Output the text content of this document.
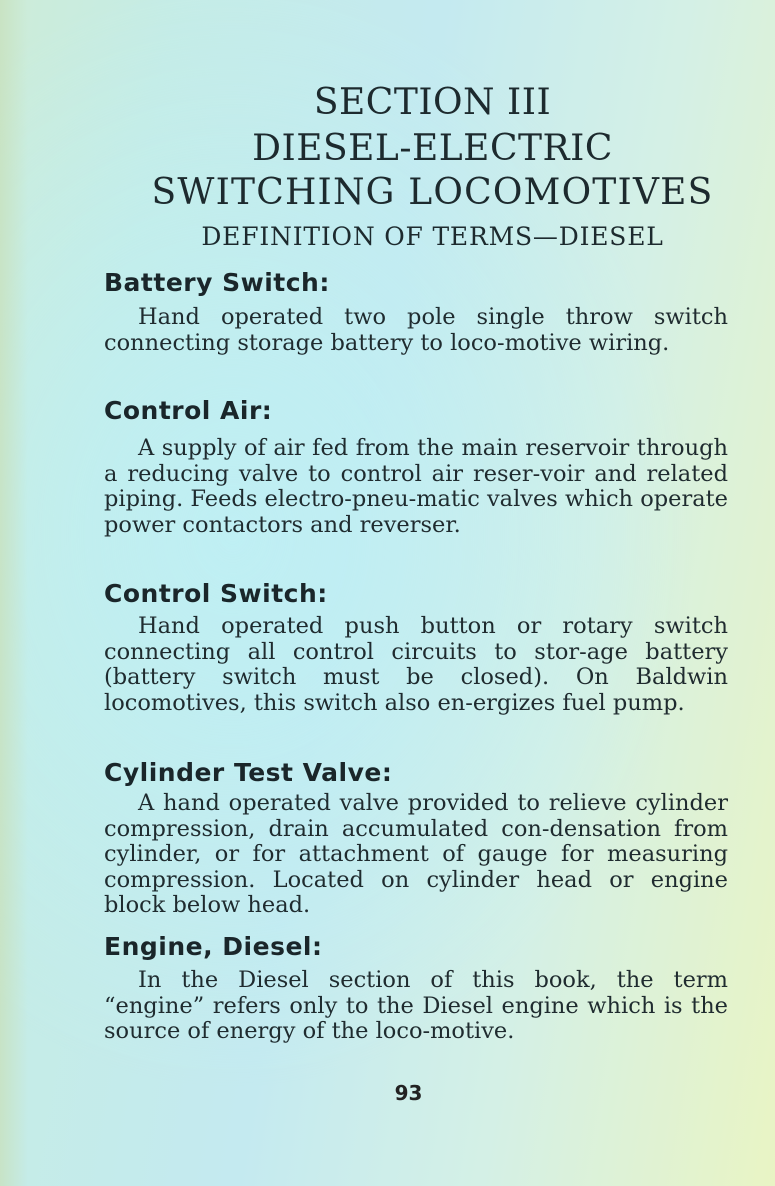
SECTION III
DIESEL-ELECTRIC
SWITCHING LOCOMOTIVES
DEFINITION OF TERMS—DIESEL
Battery Switch:
Hand operated two pole single throw switch connecting storage battery to loco-motive wiring.
Control Air:
A supply of air fed from the main reservoir through a reducing valve to control air reser-voir and related piping. Feeds electro-pneu-matic valves which operate power contactors and reverser.
Control Switch:
Hand operated push button or rotary switch connecting all control circuits to stor-age battery (battery switch must be closed). On Baldwin locomotives, this switch also en-ergizes fuel pump.
Cylinder Test Valve:
A hand operated valve provided to relieve cylinder compression, drain accumulated con-densation from cylinder, or for attachment of gauge for measuring compression. Located on cylinder head or engine block below head.
Engine, Diesel:
In the Diesel section of this book, the term “engine” refers only to the Diesel engine which is the source of energy of the loco-motive.
93
